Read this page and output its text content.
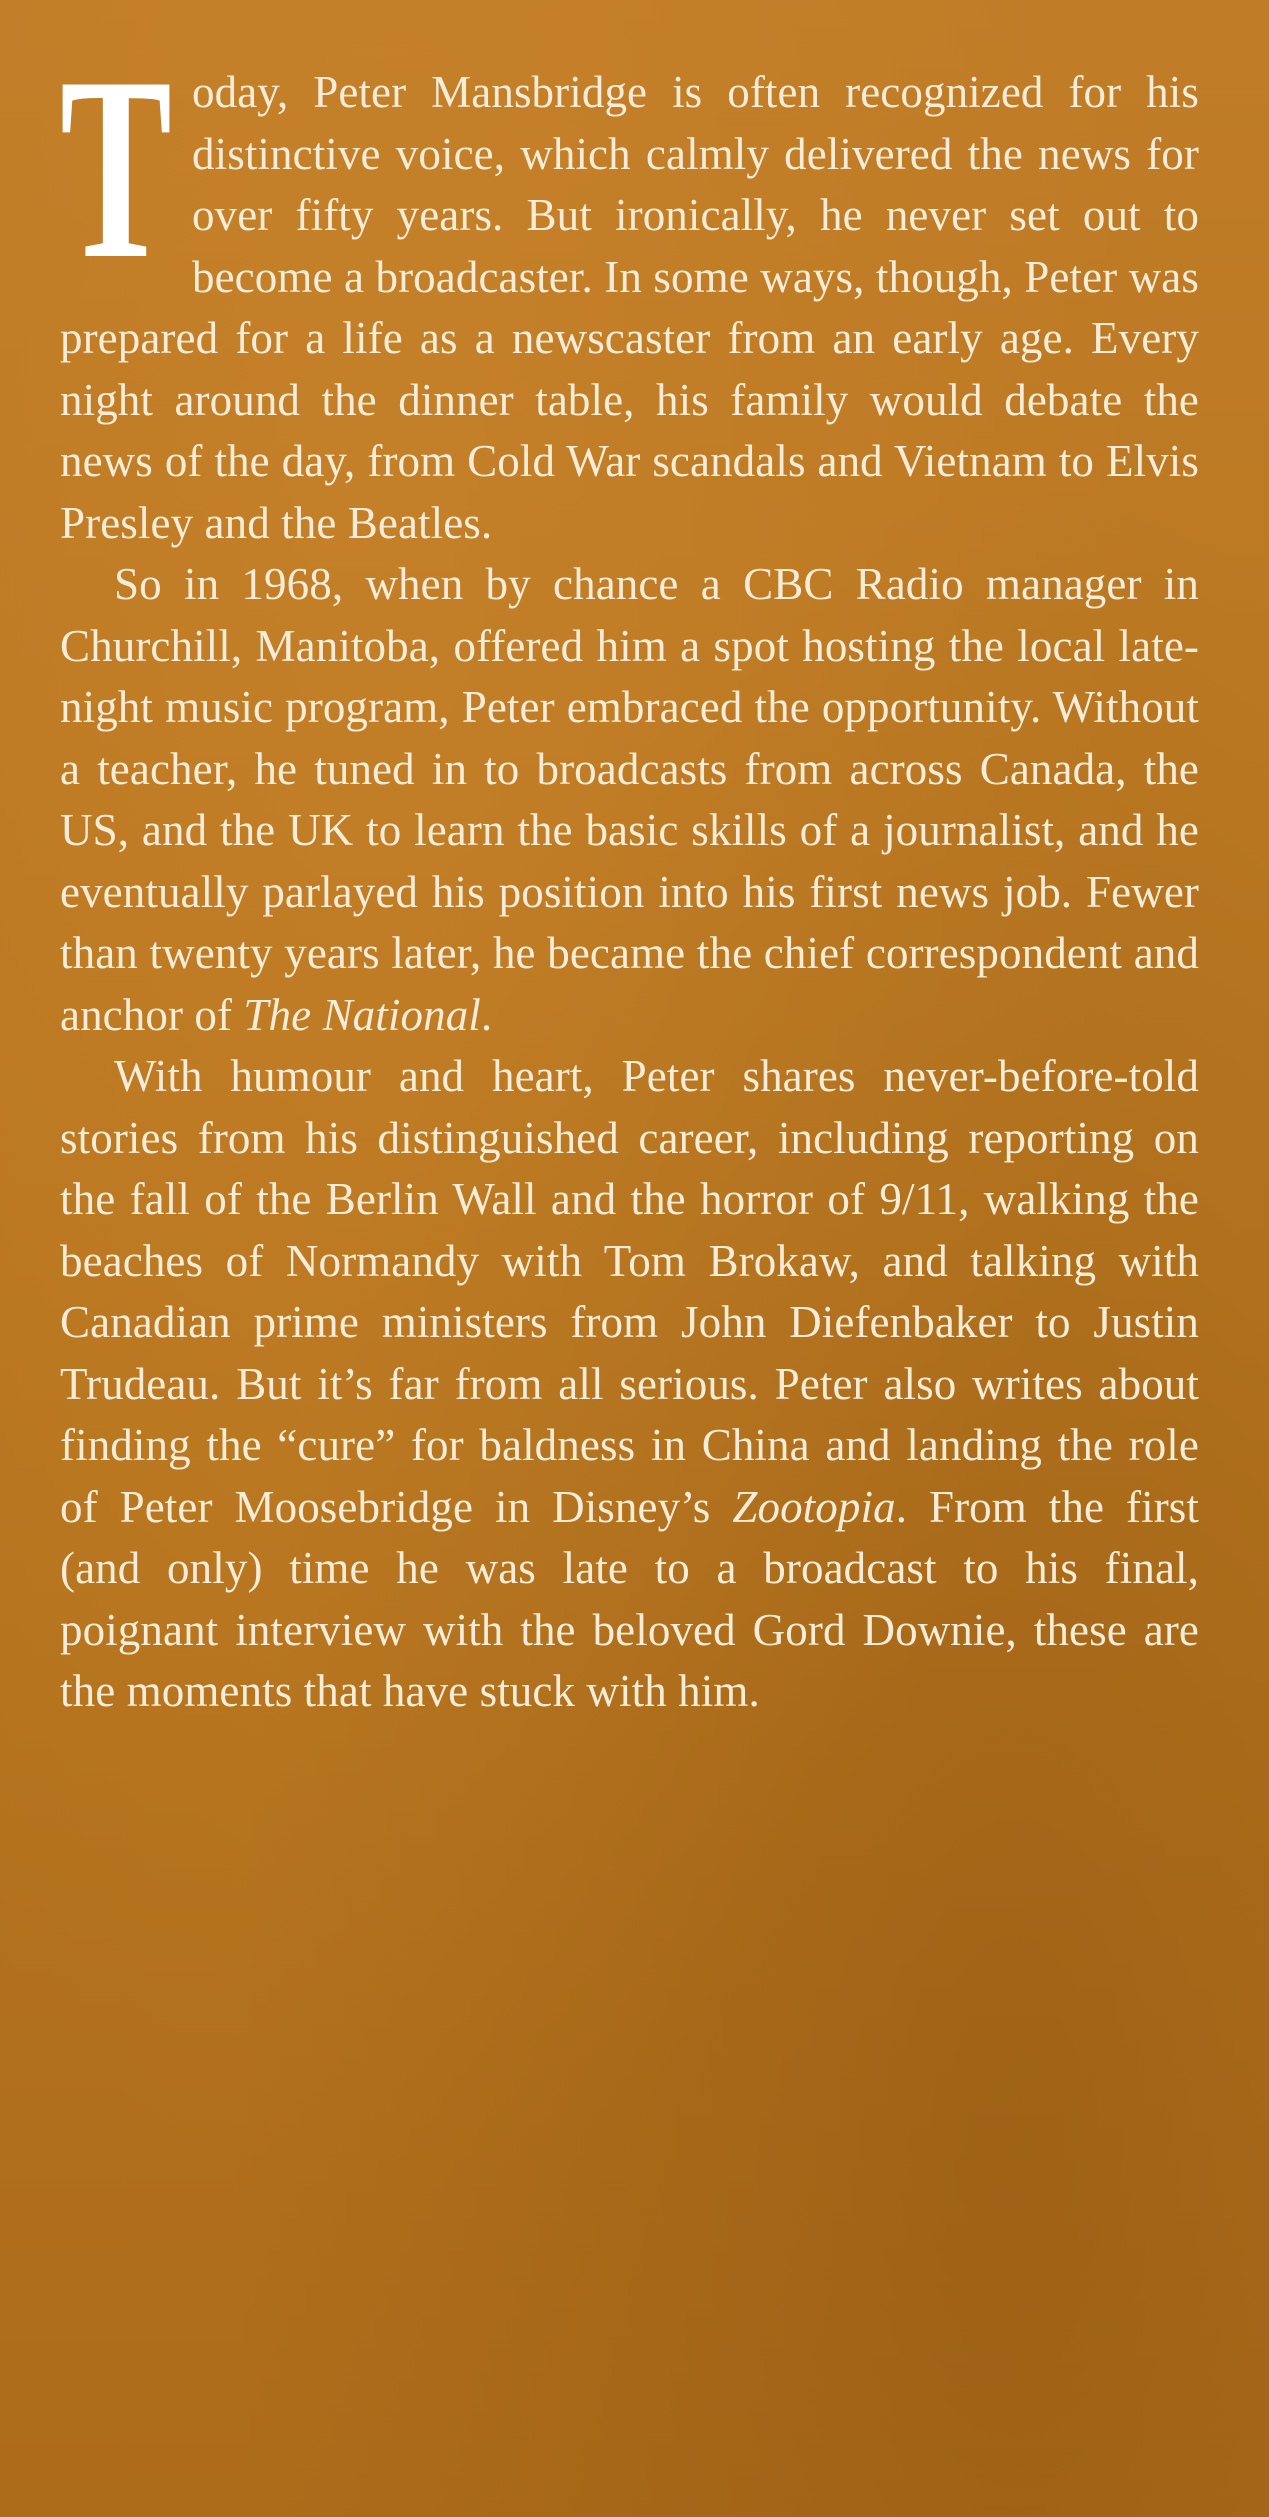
T oday, Peter Mansbridge is often recognized for his distinctive voice, which calmly delivered the news for over fifty years. But ironically, he never set out to become a broadcaster. In some ways, though, Peter was prepared for a life as a newscaster from an early age. Every night around the dinner table, his family would debate the news of the day, from Cold War scandals and Vietnam to Elvis Presley and the Beatles.

So in 1968, when by chance a CBC Radio manager in Churchill, Manitoba, offered him a spot hosting the local late-night music program, Peter embraced the opportunity. Without a teacher, he tuned in to broadcasts from across Canada, the US, and the UK to learn the basic skills of a journalist, and he eventually parlayed his position into his first news job. Fewer than twenty years later, he became the chief correspondent and anchor of The National.

With humour and heart, Peter shares never-before-told stories from his distinguished career, including reporting on the fall of the Berlin Wall and the horror of 9/11, walking the beaches of Normandy with Tom Brokaw, and talking with Canadian prime ministers from John Diefenbaker to Justin Trudeau. But it’s far from all serious. Peter also writes about finding the “cure” for baldness in China and landing the role of Peter Moosebridge in Disney’s Zootopia. From the first (and only) time he was late to a broadcast to his final, poignant interview with the beloved Gord Downie, these are the moments that have stuck with him.
